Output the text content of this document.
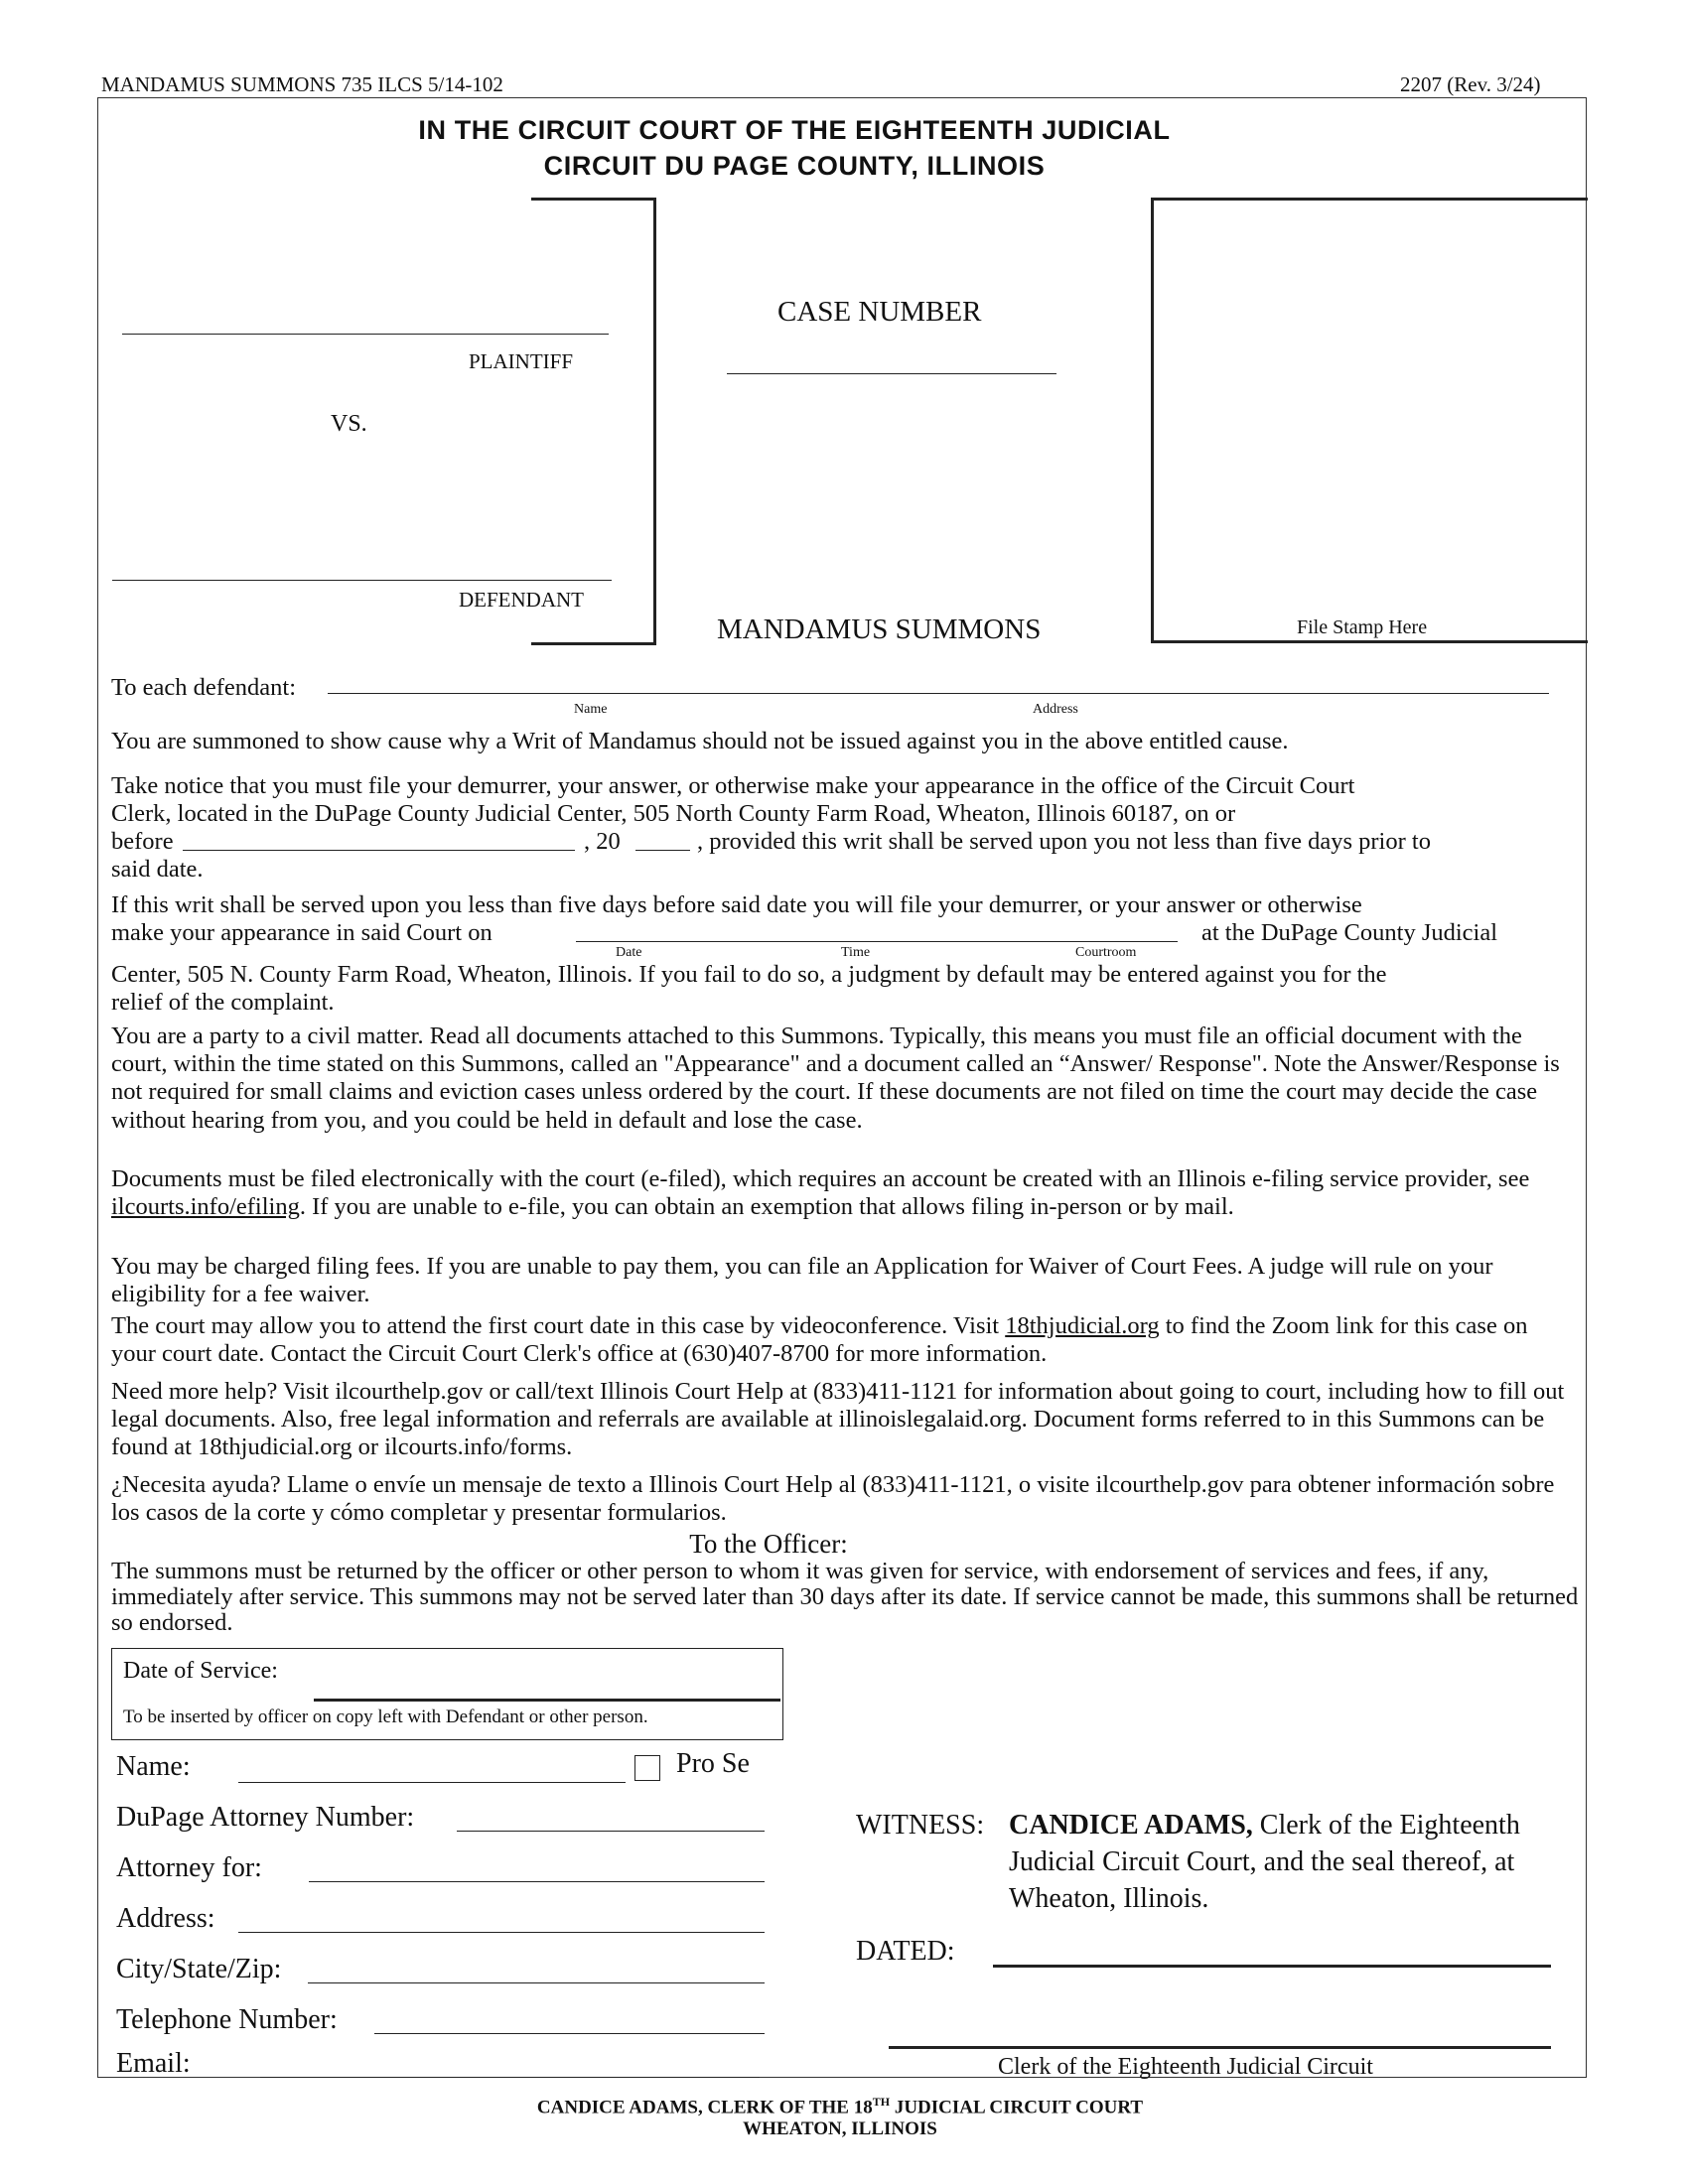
MANDAMUS SUMMONS 735 ILCS 5/14-102	2207 (Rev. 3/24)
IN THE CIRCUIT COURT OF THE EIGHTEENTH JUDICIAL
CIRCUIT DU PAGE COUNTY, ILLINOIS
PLAINTIFF
VS.
DEFENDANT
CASE NUMBER
MANDAMUS SUMMONS	File Stamp Here
To each defendant:
Name	Address
You are summoned to show cause why a Writ of Mandamus should not be issued against you in the above entitled cause.
Take notice that you must file your demurrer, your answer, or otherwise make your appearance in the office of the Circuit Court
Clerk, located in the DuPage County Judicial Center, 505 North County Farm Road, Wheaton, Illinois 60187, on or
before	, 20	, provided this writ shall be served upon you not less than five days prior to
said date.
If this writ shall be served upon you less than five days before said date you will file your demurrer, or your answer or otherwise
make your appearance in said Court on	at the DuPage County Judicial
Date	Time	Courtroom
Center, 505 N. County Farm Road, Wheaton, Illinois. If you fail to do so, a judgment by default may be entered against you for the
relief of the complaint.
You are a party to a civil matter. Read all documents attached to this Summons. Typically, this means you must file an official document with the court, within the time stated on this Summons, called an "Appearance" and a document called an “Answer/ Response". Note the Answer/Response is not required for small claims and eviction cases unless ordered by the court. If these documents are not filed on time the court may decide the case without hearing from you, and you could be held in default and lose the case.
Documents must be filed electronically with the court (e-filed), which requires an account be created with an Illinois e-filing service provider, see ilcourts.info/efiling. If you are unable to e-file, you can obtain an exemption that allows filing in-person or by mail.
You may be charged filing fees. If you are unable to pay them, you can file an Application for Waiver of Court Fees. A judge will rule on your eligibility for a fee waiver.
The court may allow you to attend the first court date in this case by videoconference. Visit 18thjudicial.org to find the Zoom link for this case on your court date. Contact the Circuit Court Clerk's office at (630)407-8700 for more information.
Need more help? Visit ilcourthelp.gov or call/text Illinois Court Help at (833)411-1121 for information about going to court, including how to fill out legal documents. Also, free legal information and referrals are available at illinoislegalaid.org. Document forms referred to in this Summons can be found at 18thjudicial.org or ilcourts.info/forms.
¿Necesita ayuda? Llame o envíe un mensaje de texto a Illinois Court Help al (833)411-1121, o visite ilcourthelp.gov para obtener información sobre los casos de la corte y cómo completar y presentar formularios.
To the Officer:
The summons must be returned by the officer or other person to whom it was given for service, with endorsement of services and fees, if any, immediately after service. This summons may not be served later than 30 days after its date. If service cannot be made, this summons shall be returned so endorsed.
Date of Service:
To be inserted by officer on copy left with Defendant or other person.
Name:	Pro Se
DuPage Attorney Number:
Attorney for:
Address:
City/State/Zip:
Telephone Number:
Email:
WITNESS: CANDICE ADAMS, Clerk of the Eighteenth
Judicial Circuit Court, and the seal thereof, at
Wheaton, Illinois.
DATED:
Clerk of the Eighteenth Judicial Circuit
CANDICE ADAMS, CLERK OF THE 18TH JUDICIAL CIRCUIT COURT
WHEATON, ILLINOIS
